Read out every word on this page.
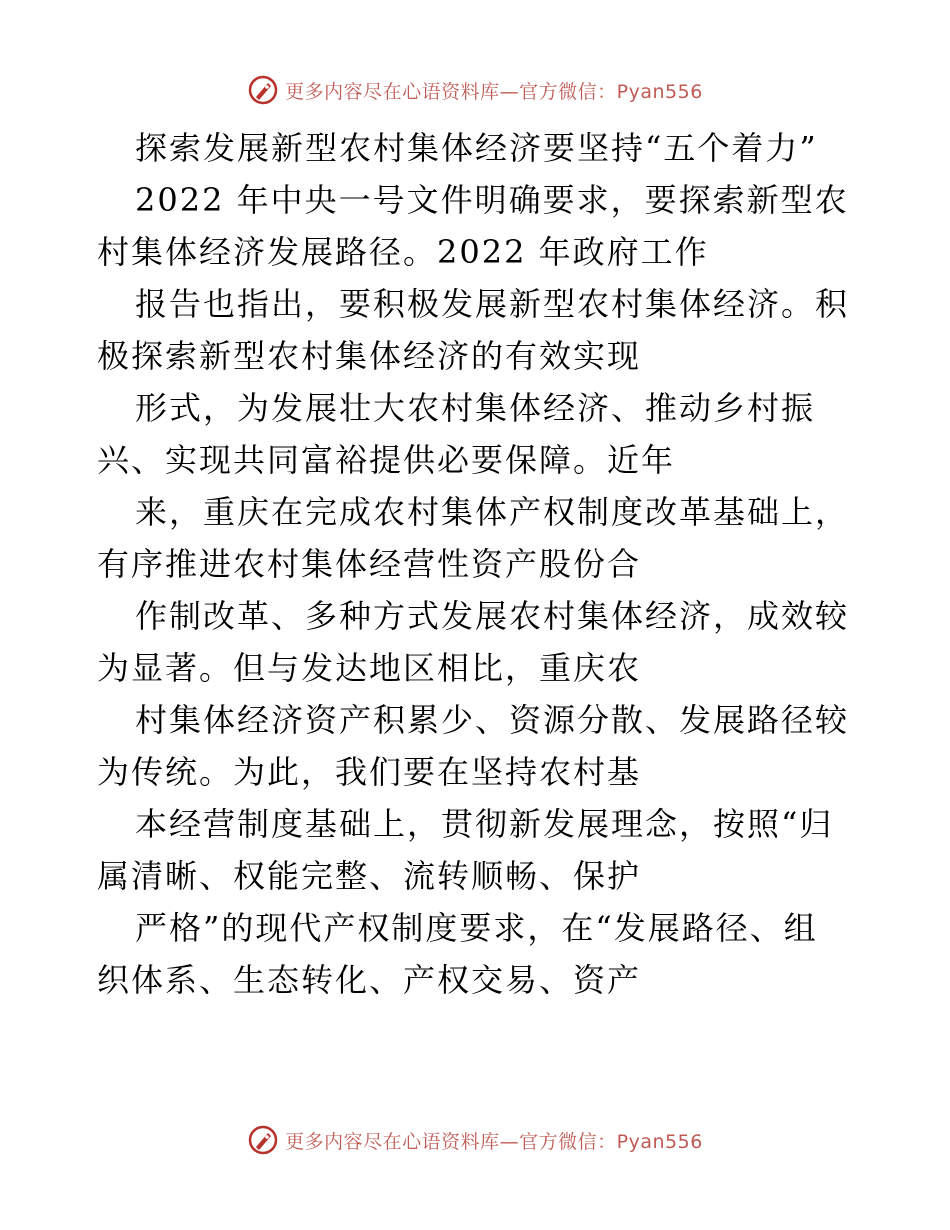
更多内容尽在心语资料库—官方微信：Pyan556
探索发展新型农村集体经济要坚持“五个着力”
2022 年中央一号文件明确要求，要探索新型农
村集体经济发展路径。2022 年政府工作
报告也指出，要积极发展新型农村集体经济。积
极探索新型农村集体经济的有效实现
形式，为发展壮大农村集体经济、推动乡村振
兴、实现共同富裕提供必要保障。近年
来，重庆在完成农村集体产权制度改革基础上，
有序推进农村集体经营性资产股份合
作制改革、多种方式发展农村集体经济，成效较
为显著。但与发达地区相比，重庆农
村集体经济资产积累少、资源分散、发展路径较
为传统。为此，我们要在坚持农村基
本经营制度基础上，贯彻新发展理念，按照“归
属清晰、权能完整、流转顺畅、保护
严格”的现代产权制度要求，在“发展路径、组
织体系、生态转化、产权交易、资产
更多内容尽在心语资料库—官方微信：Pyan556
